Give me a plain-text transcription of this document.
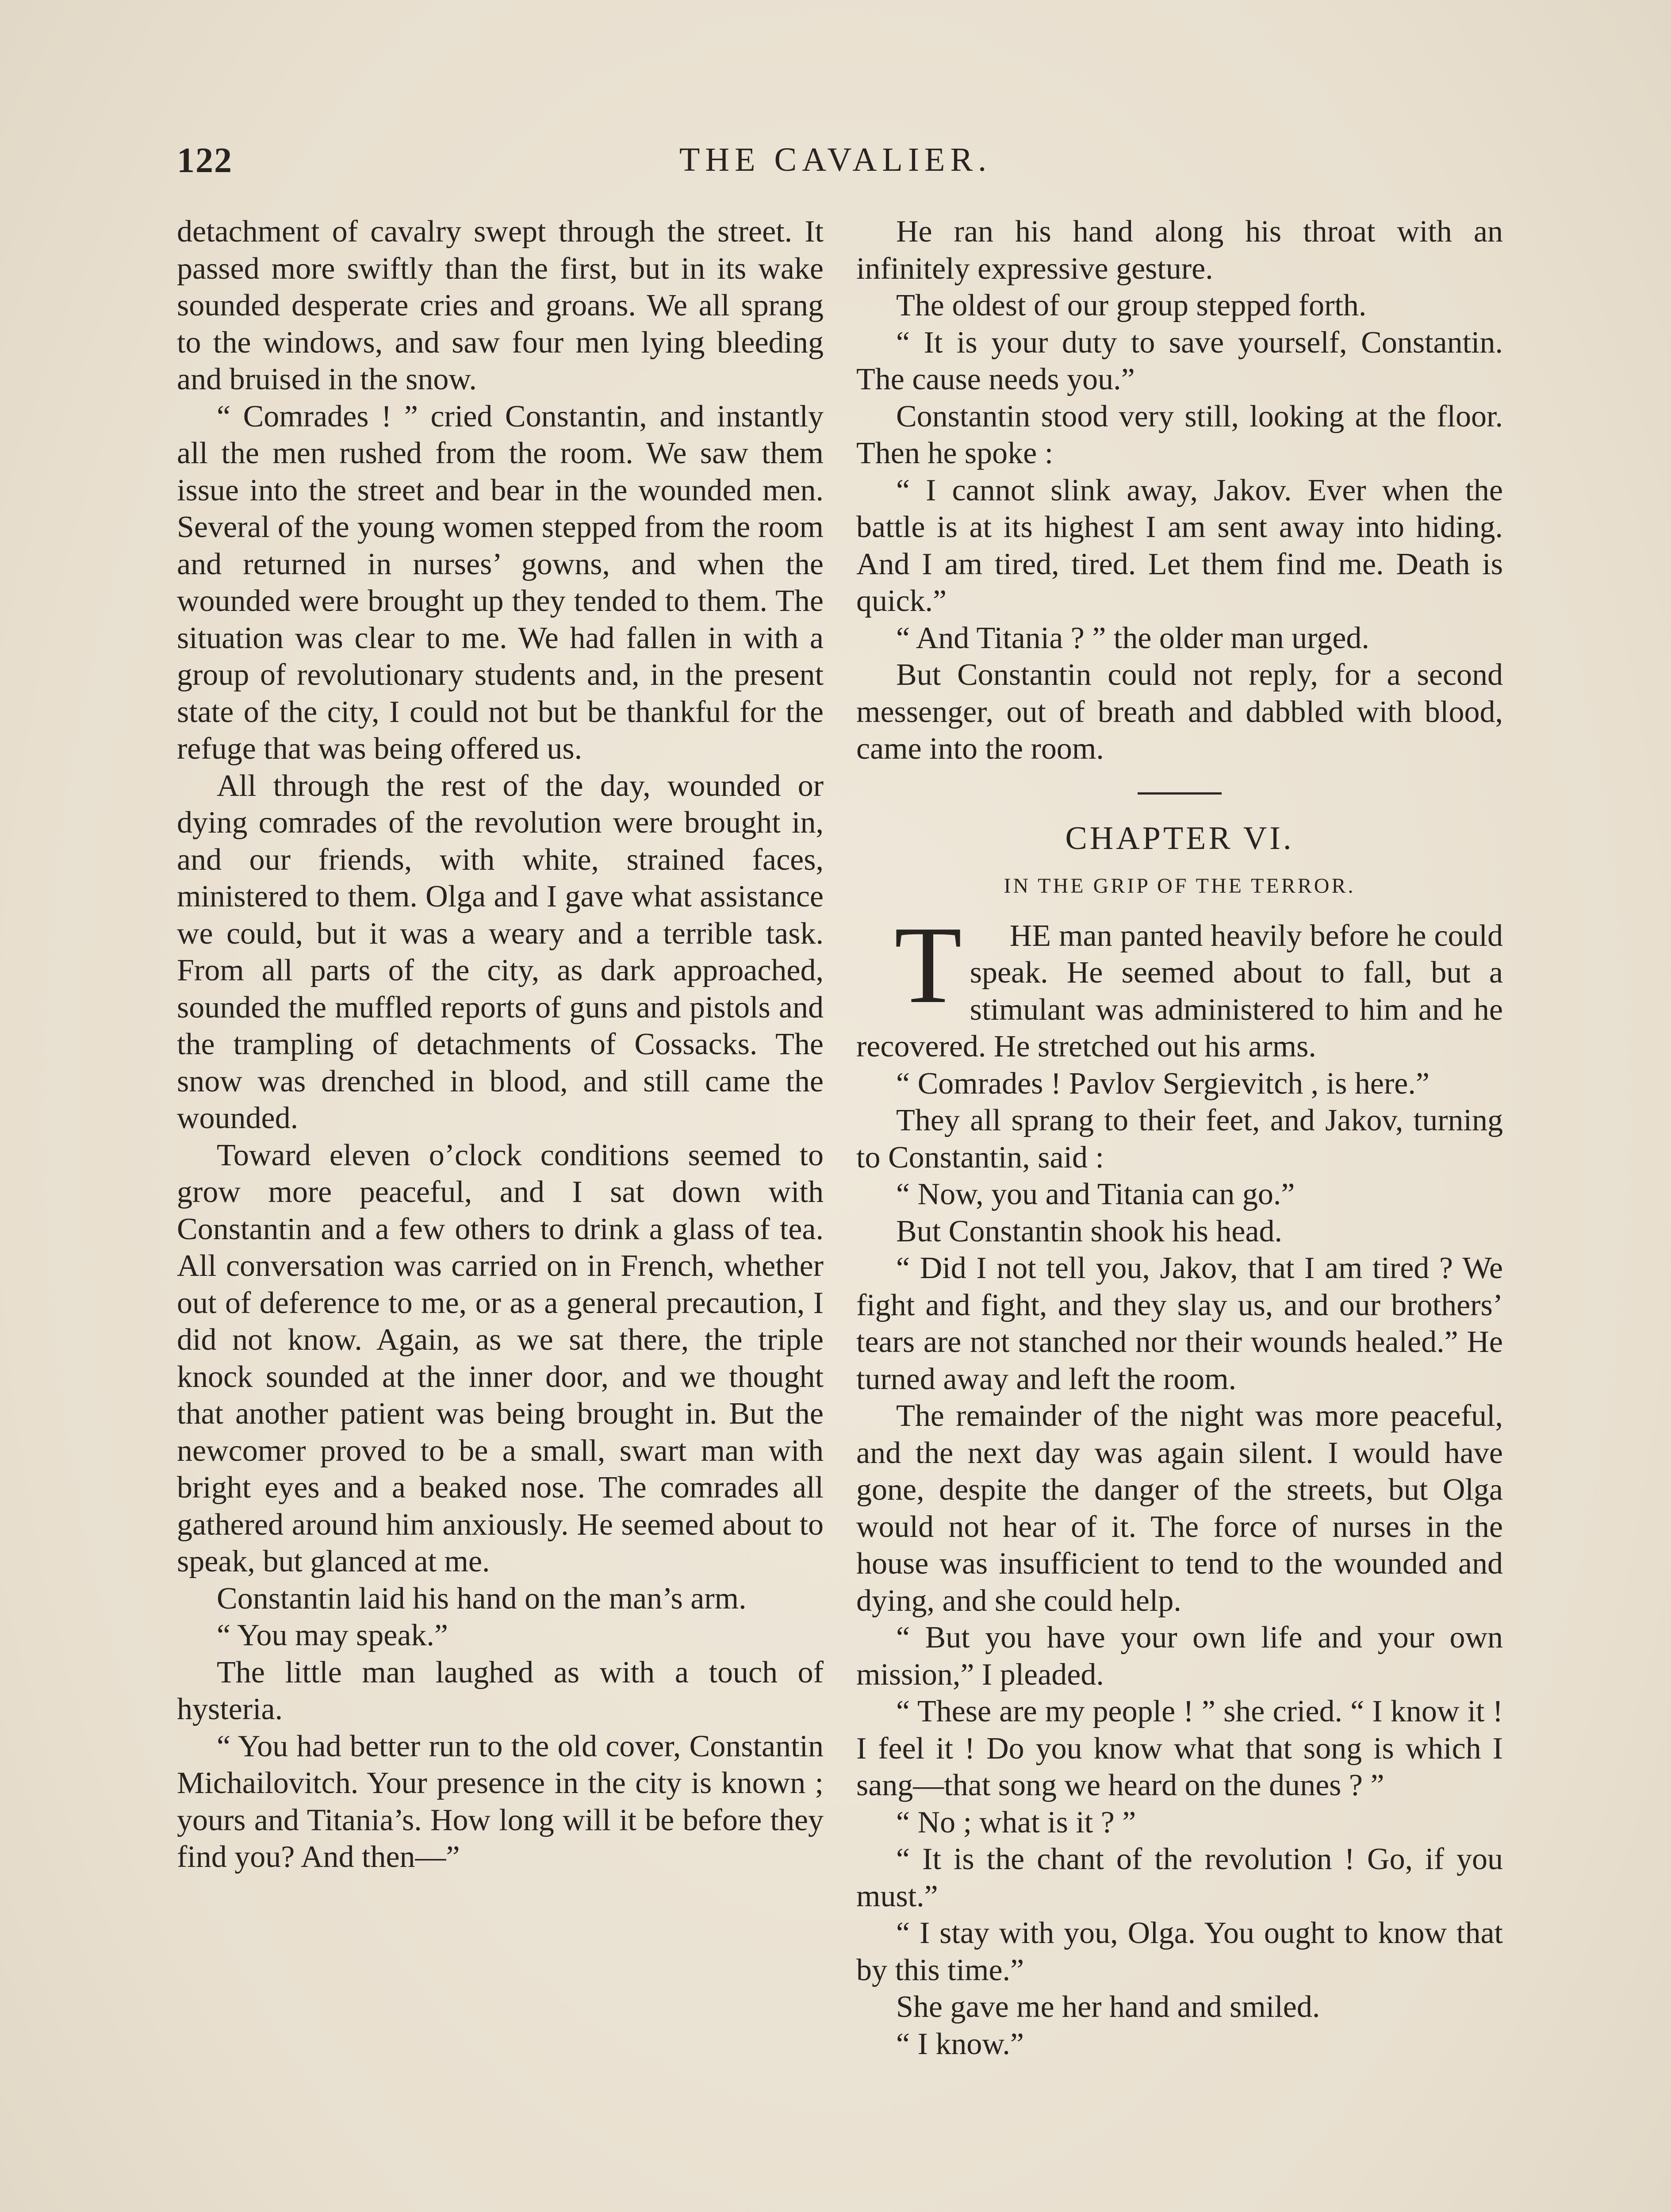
122	THE CAVALIER.

detachment of cavalry swept through the street. It passed more swiftly than the first, but in its wake sounded desperate cries and groans. We all sprang to the windows, and saw four men lying bleeding and bruised in the snow.

“ Comrades ! ” cried Constantin, and instantly all the men rushed from the room. We saw them issue into the street and bear in the wounded men. Several of the young women stepped from the room and returned in nurses’ gowns, and when the wounded were brought up they tended to them. The situation was clear to me. We had fallen in with a group of revolutionary students and, in the present state of the city, I could not but be thankful for the refuge that was being offered us.

All through the rest of the day, wounded or dying comrades of the revolution were brought in, and our friends, with white, strained faces, ministered to them. Olga and I gave what assistance we could, but it was a weary and a terrible task. From all parts of the city, as dark approached, sounded the muffled reports of guns and pistols and the trampling of detachments of Cossacks. The snow was drenched in blood, and still came the wounded.

Toward eleven o’clock conditions seemed to grow more peaceful, and I sat down with Constantin and a few others to drink a glass of tea. All conversation was carried on in French, whether out of deference to me, or as a general precaution, I did not know. Again, as we sat there, the triple knock sounded at the inner door, and we thought that another patient was being brought in. But the newcomer proved to be a small, swart man with bright eyes and a beaked nose. The comrades all gathered around him anxiously. He seemed about to speak, but glanced at me.

Constantin laid his hand on the man’s arm.

“ You may speak.”

The little man laughed as with a touch of hysteria.

“ You had better run to the old cover, Constantin Michailovitch. Your presence in the city is known ; yours and Titania’s. How long will it be before they find you? And then—”

He ran his hand along his throat with an infinitely expressive gesture.

The oldest of our group stepped forth.

“ It is your duty to save yourself, Constantin. The cause needs you.”

Constantin stood very still, looking at the floor. Then he spoke :

“ I cannot slink away, Jakov. Ever when the battle is at its highest I am sent away into hiding. And I am tired, tired. Let them find me. Death is quick.”

“ And Titania ? ” the older man urged.

But Constantin could not reply, for a second messenger, out of breath and dabbled with blood, came into the room.

CHAPTER VI.
IN THE GRIP OF THE TERROR.

T HE man panted heavily before he could speak. He seemed about to fall, but a stimulant was administered to him and he recovered. He stretched out his arms.

“ Comrades ! Pavlov Sergievitch , is here.”

They all sprang to their feet, and Jakov, turning to Constantin, said :

“ Now, you and Titania can go.”

But Constantin shook his head.

“ Did I not tell you, Jakov, that I am tired ? We fight and fight, and they slay us, and our brothers’ tears are not stanched nor their wounds healed.” He turned away and left the room.

The remainder of the night was more peaceful, and the next day was again silent. I would have gone, despite the danger of the streets, but Olga would not hear of it. The force of nurses in the house was insufficient to tend to the wounded and dying, and she could help.

“ But you have your own life and your own mission,” I pleaded.

“ These are my people ! ” she cried. “ I know it ! I feel it ! Do you know what that song is which I sang—that song we heard on the dunes ? ”

“ No ; what is it ? ”

“ It is the chant of the revolution ! Go, if you must.”

“ I stay with you, Olga. You ought to know that by this time.”

She gave me her hand and smiled.

“ I know.”
